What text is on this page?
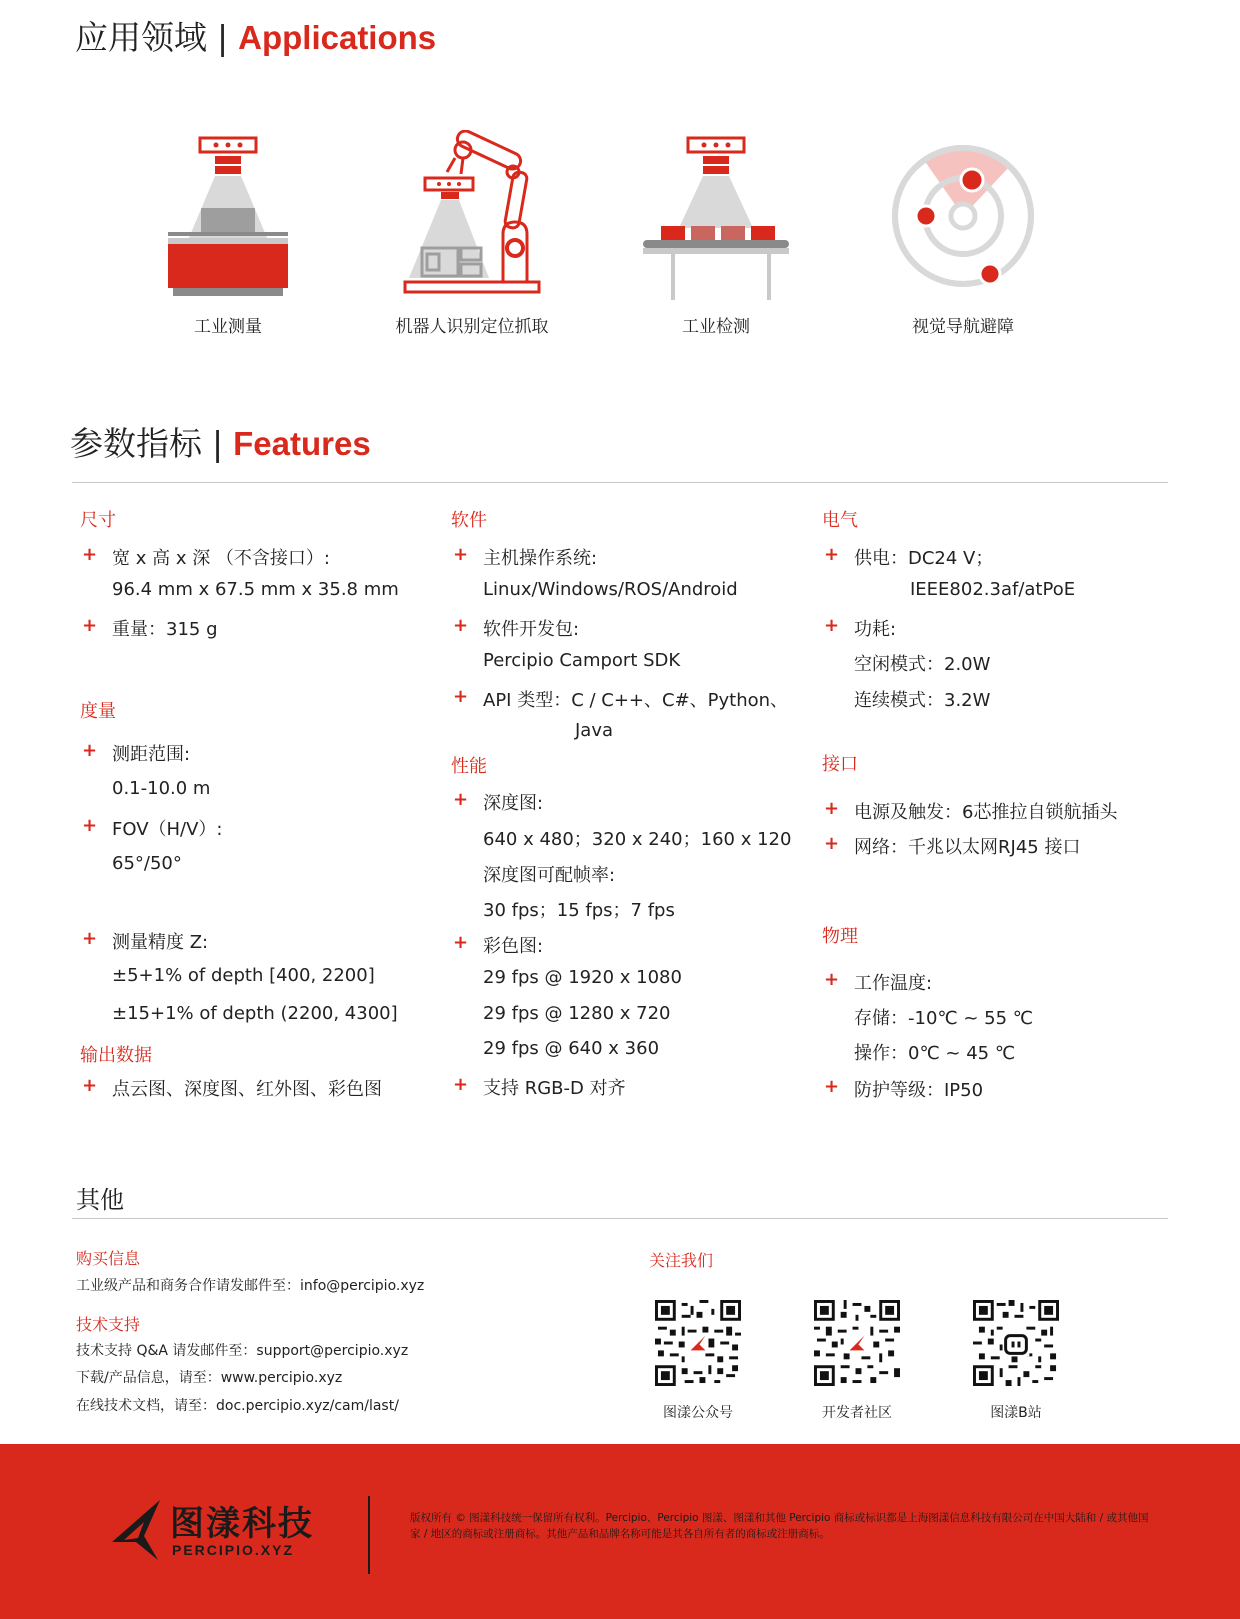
应用领域 | Applications
工业测量	机器人识别定位抓取	工业检测	视觉导航避障
参数指标 | Features
尺寸
+ 宽 x 高 x 深 （不含接口）:
96.4 mm x 67.5 mm x 35.8 mm
+ 重量：315 g
度量
+ 测距范围:
0.1-10.0 m
+ FOV（H/V）:
65°/50°
+ 测量精度 Z:
±5+1% of depth [400, 2200]
±15+1% of depth (2200, 4300]
输出数据
+ 点云图、深度图、红外图、彩色图
软件
+ 主机操作系统:
Linux/Windows/ROS/Android
+ 软件开发包:
Percipio Camport SDK
+ API 类型：C / C++、C#、Python、
Java
性能
+ 深度图:
640 x 480；320 x 240；160 x 120
深度图可配帧率:
30 fps；15 fps；7 fps
+ 彩色图:
29 fps @ 1920 x 1080
29 fps @ 1280 x 720
29 fps @ 640 x 360
+ 支持 RGB-D 对齐
电气
+ 供电：DC24 V；
IEEE802.3af/atPoE
+ 功耗:
空闲模式：2.0W
连续模式：3.2W
接口
+ 电源及触发：6芯推拉自锁航插头
+ 网络：千兆以太网RJ45 接口
物理
+ 工作温度:
存储：-10℃ ~ 55 ℃
操作：0℃ ~ 45 ℃
+ 防护等级：IP50
其他
购买信息
工业级产品和商务合作请发邮件至：info@percipio.xyz
技术支持
技术支持 Q&A 请发邮件至：support@percipio.xyz
下载/产品信息，请至：www.percipio.xyz
在线技术文档，请至：doc.percipio.xyz/cam/last/
关注我们
图漾公众号	开发者社区	图漾B站
图漾科技
PERCIPIO.XYZ
版权所有 © 图漾科技统一保留所有权利。Percipio、Percipio 图漾、图漾和其他 Percipio 商标或标识都是上海图漾信息科技有限公司在中国大陆和 / 或其他国家 / 地区的商标或注册商标。其他产品和品牌名称可能是其各自所有者的商标或注册商标。
